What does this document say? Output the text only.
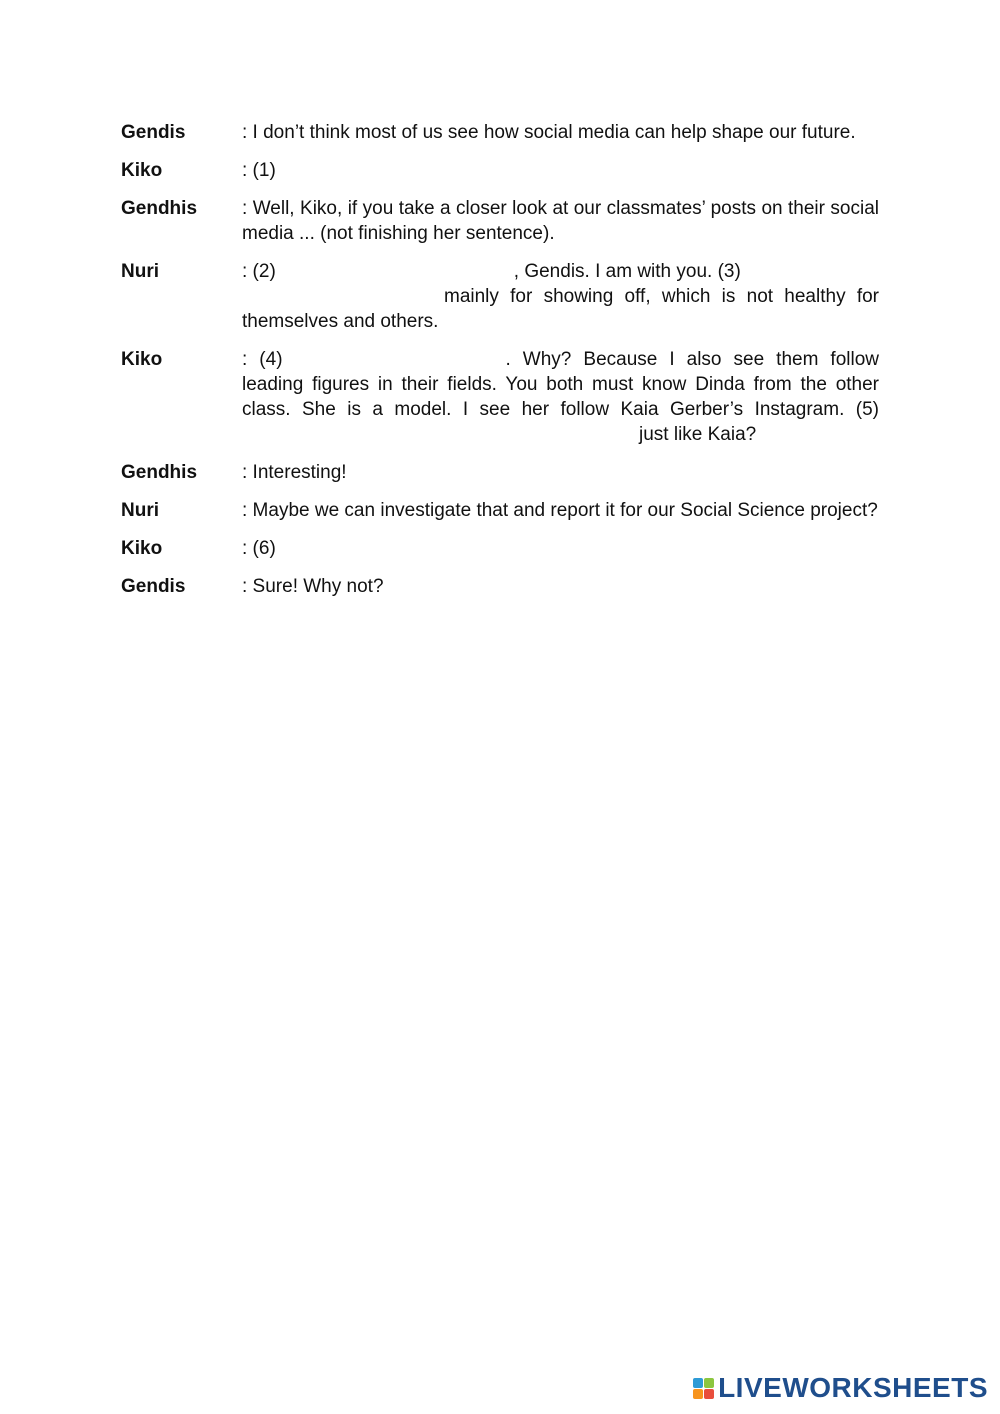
Gendis	: I don’t think most of us see how social media can help shape our future.
Kiko	: (1)
Gendhis	: Well, Kiko, if you take a closer look at our classmates’ posts on their social media ... (not finishing her sentence).
Nuri	: (2)	, Gendis. I am with you. (3)
mainly for showing off, which is not healthy for themselves and others.
Kiko	: (4)	. Why? Because I also see them follow leading figures in their fields. You both must know Dinda from the other class. She is a model. I see her follow Kaia Gerber’s Instagram. (5)just like Kaia?
Gendhis	: Interesting!
Nuri	: Maybe we can investigate that and report it for our Social Science project?
Kiko	: (6)
Gendis	: Sure! Why not?
LIVEWORKSHEETS
